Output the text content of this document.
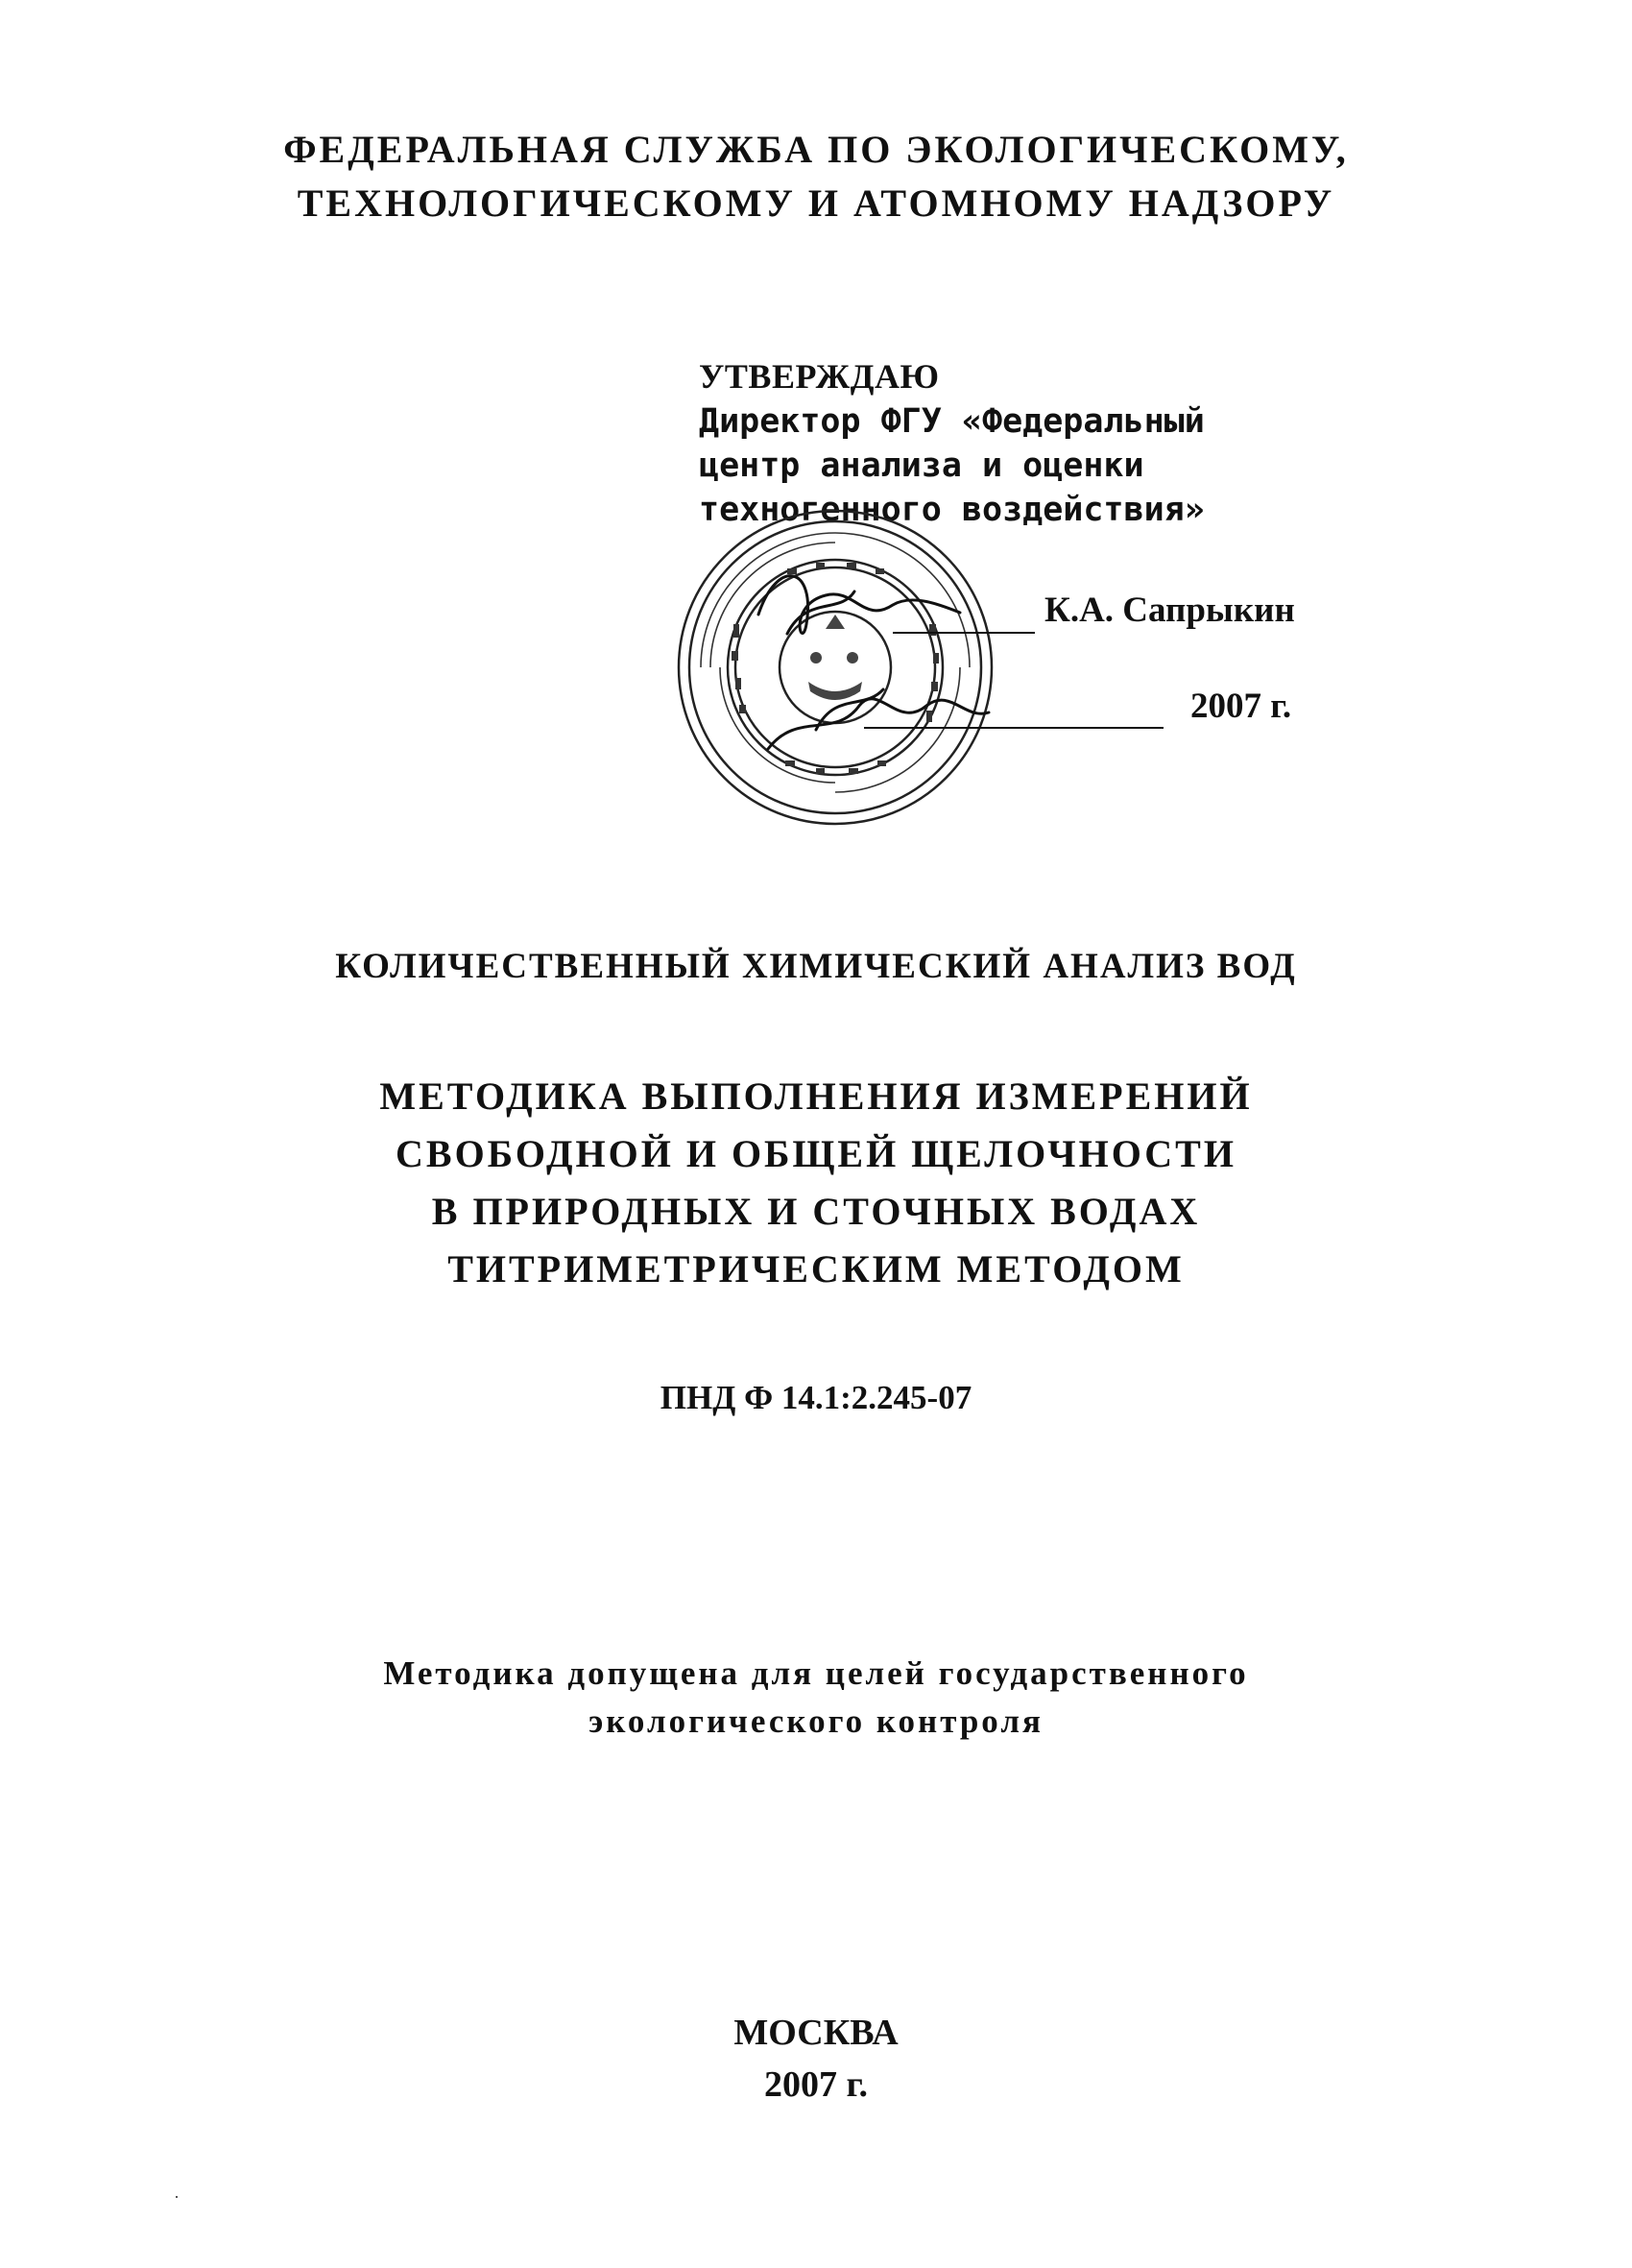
ФЕДЕРАЛЬНАЯ СЛУЖБА ПО ЭКОЛОГИЧЕСКОМУ,
ТЕХНОЛОГИЧЕСКОМУ И АТОМНОМУ НАДЗОРУ
УТВЕРЖДАЮ
Директор ФГУ «Федеральный
центр анализа и оценки
техногенного воздействия»
К.А. Сапрыкин
2007 г.
КОЛИЧЕСТВЕННЫЙ ХИМИЧЕСКИЙ АНАЛИЗ ВОД
МЕТОДИКА ВЫПОЛНЕНИЯ ИЗМЕРЕНИЙ
СВОБОДНОЙ И ОБЩЕЙ ЩЕЛОЧНОСТИ
В ПРИРОДНЫХ И СТОЧНЫХ ВОДАХ
ТИТРИМЕТРИЧЕСКИМ МЕТОДОМ
ПНД Ф 14.1:2.245-07
Методика допущена для целей государственного
экологического контроля
МОСКВА
2007 г.
